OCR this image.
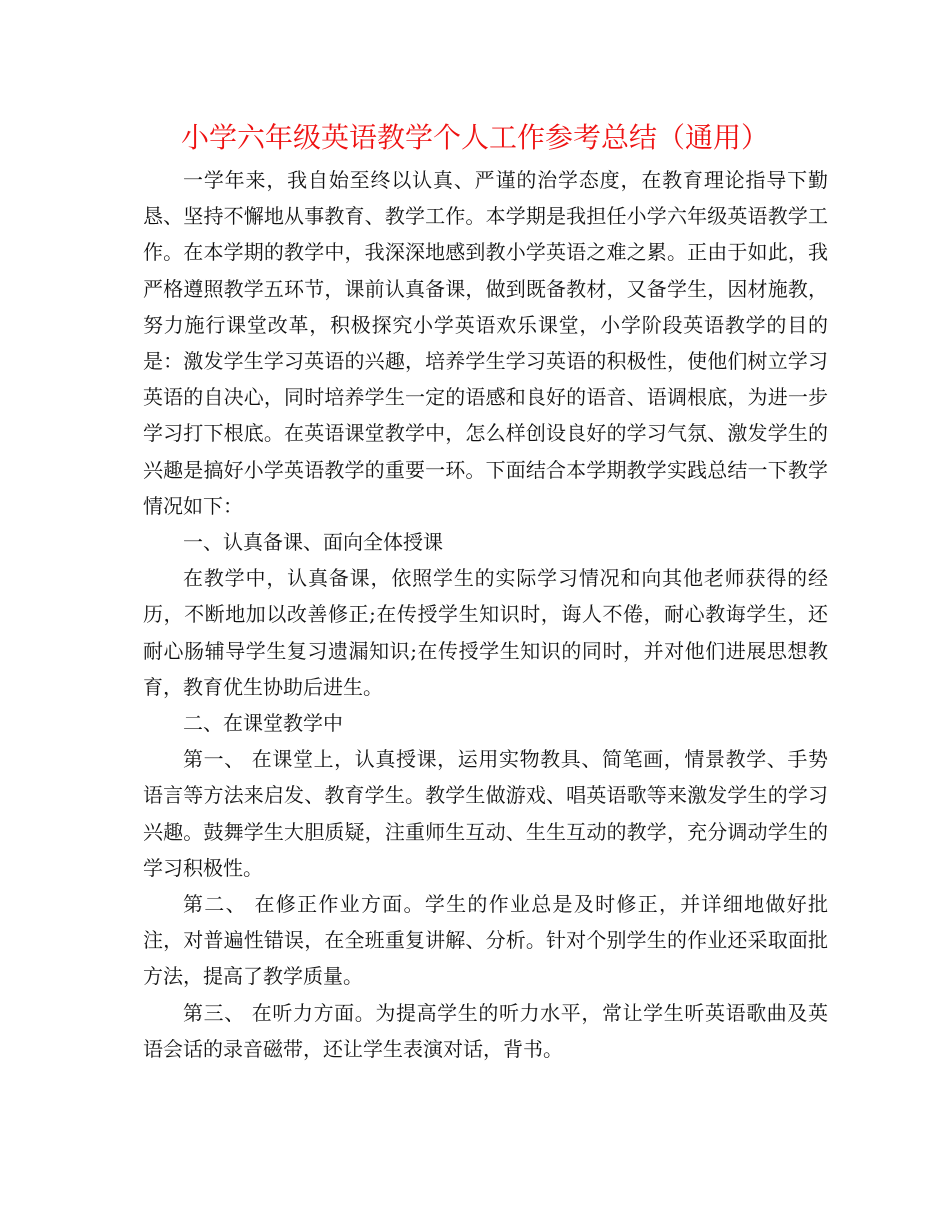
小学六年级英语教学个人工作参考总结（通用）

一学年来，我自始至终以认真、严谨的治学态度，在教育理论指导下勤恳、坚持不懈地从事教育、教学工作。本学期是我担任小学六年级英语教学工作。在本学期的教学中，我深深地感到教小学英语之难之累。正由于如此，我严格遵照教学五环节，课前认真备课，做到既备教材，又备学生，因材施教，努力施行课堂改革，积极探究小学英语欢乐课堂，小学阶段英语教学的目的是：激发学生学习英语的兴趣，培养学生学习英语的积极性，使他们树立学习英语的自决心，同时培养学生一定的语感和良好的语音、语调根底，为进一步学习打下根底。在英语课堂教学中，怎么样创设良好的学习气氛、激发学生的兴趣是搞好小学英语教学的重要一环。下面结合本学期教学实践总结一下教学情况如下：

一、认真备课、面向全体授课

在教学中，认真备课，依照学生的实际学习情况和向其他老师获得的经历，不断地加以改善修正;在传授学生知识时，诲人不倦，耐心教诲学生，还耐心肠辅导学生复习遗漏知识;在传授学生知识的同时，并对他们进展思想教育，教育优生协助后进生。

二、在课堂教学中

第一、 在课堂上，认真授课，运用实物教具、简笔画，情景教学、手势语言等方法来启发、教育学生。教学生做游戏、唱英语歌等来激发学生的学习兴趣。鼓舞学生大胆质疑，注重师生互动、生生互动的教学，充分调动学生的学习积极性。

第二、 在修正作业方面。学生的作业总是及时修正，并详细地做好批注，对普遍性错误，在全班重复讲解、分析。针对个别学生的作业还采取面批方法，提高了教学质量。

第三、 在听力方面。为提高学生的听力水平，常让学生听英语歌曲及英语会话的录音磁带，还让学生表演对话，背书。
